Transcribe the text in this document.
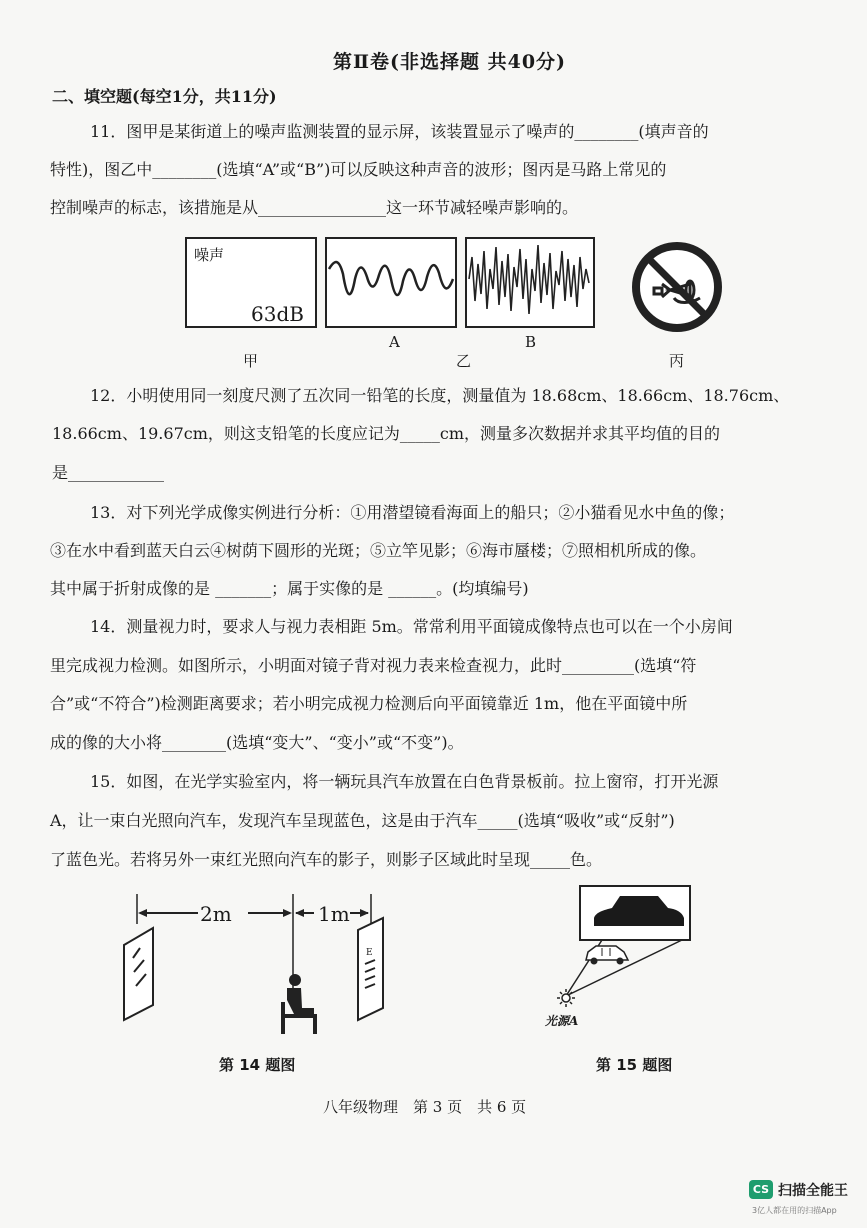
第Ⅱ卷(非选择题 共40分)
二、填空题(每空1分，共11分)
11．图甲是某街道上的噪声监测装置的显示屏，该装置显示了噪声的________(填声音的
特性)，图乙中________(选填“A”或“B”)可以反映这种声音的波形；图丙是马路上常见的
控制噪声的标志，该措施是从________________这一环节减轻噪声影响的。
噪声
63dB
A	B
甲	乙	丙
12．小明使用同一刻度尺测了五次同一铅笔的长度，测量值为 18.68cm、18.66cm、18.76cm、
18.66cm、19.67cm，则这支铅笔的长度应记为_____cm，测量多次数据并求其平均值的目的
是____________
13．对下列光学成像实例进行分析：①用潜望镜看海面上的船只；②小猫看见水中鱼的像；
③在水中看到蓝天白云④树荫下圆形的光斑；⑤立竿见影；⑥海市蜃楼；⑦照相机所成的像。
其中属于折射成像的是 _______；属于实像的是 ______。(均填编号)
14．测量视力时，要求人与视力表相距 5m。常常利用平面镜成像特点也可以在一个小房间
里完成视力检测。如图所示，小明面对镜子背对视力表来检查视力，此时_________(选填“符
合”或“不符合”)检测距离要求；若小明完成视力检测后向平面镜靠近 1m，他在平面镜中所
成的像的大小将________(选填“变大”、“变小”或“不变”)。
15．如图，在光学实验室内，将一辆玩具汽车放置在白色背景板前。拉上窗帘，打开光源
A，让一束白光照向汽车，发现汽车呈现蓝色，这是由于汽车_____(选填“吸收”或“反射”)
了蓝色光。若将另外一束红光照向汽车的影子，则影子区域此时呈现_____色。
E
2m	1m
第 14 题图
光源A
第 15 题图
八年级物理　第 3 页　共 6 页
CS 扫描全能王
3亿人都在用的扫描App
